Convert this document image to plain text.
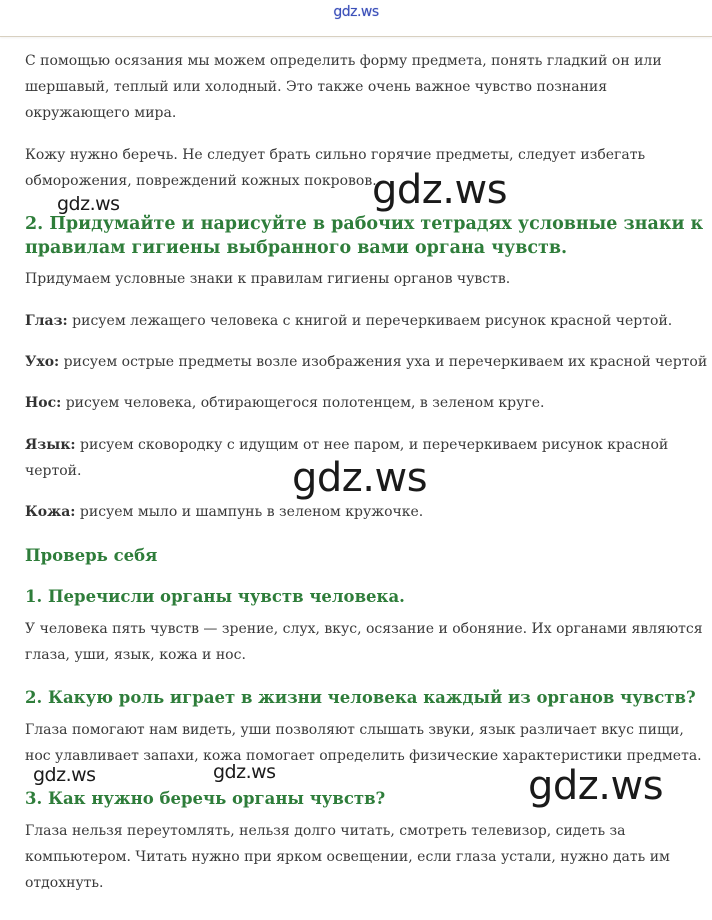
gdz.ws
С помощью осязания мы можем определить форму предмета, понять гладкий он или
шершавый, теплый или холодный. Это также очень важное чувство познания
окружающего мира.
Кожу нужно беречь. Не следует брать сильно горячие предметы, следует избегать
обморожения, повреждений кожных покровов.
2. Придумайте и нарисуйте в рабочих тетрадях условные знаки к
правилам гигиены выбранного вами органа чувств.
Придумаем условные знаки к правилам гигиены органов чувств.
Глаз: рисуем лежащего человека с книгой и перечеркиваем рисунок красной чертой.
Ухо: рисуем острые предметы возле изображения уха и перечеркиваем их красной чертой
Нос: рисуем человека, обтирающегося полотенцем, в зеленом круге.
Язык: рисуем сковородку с идущим от нее паром, и перечеркиваем рисунок красной
чертой.
Кожа: рисуем мыло и шампунь в зеленом кружочке.
Проверь себя
1. Перечисли органы чувств человека.
У человека пять чувств — зрение, слух, вкус, осязание и обоняние. Их органами являются
глаза, уши, язык, кожа и нос.
2. Какую роль играет в жизни человека каждый из органов чувств?
Глаза помогают нам видеть, уши позволяют слышать звуки, язык различает вкус пищи,
нос улавливает запахи, кожа помогает определить физические характеристики предмета.
3. Как нужно беречь органы чувств?
Глаза нельзя переутомлять, нельзя долго читать, смотреть телевизор, сидеть за
компьютером. Читать нужно при ярком освещении, если глаза устали, нужно дать им
отдохнуть.
gdz.ws
gdz.ws
gdz.ws
gdz.ws	gdz.ws	gdz.ws
